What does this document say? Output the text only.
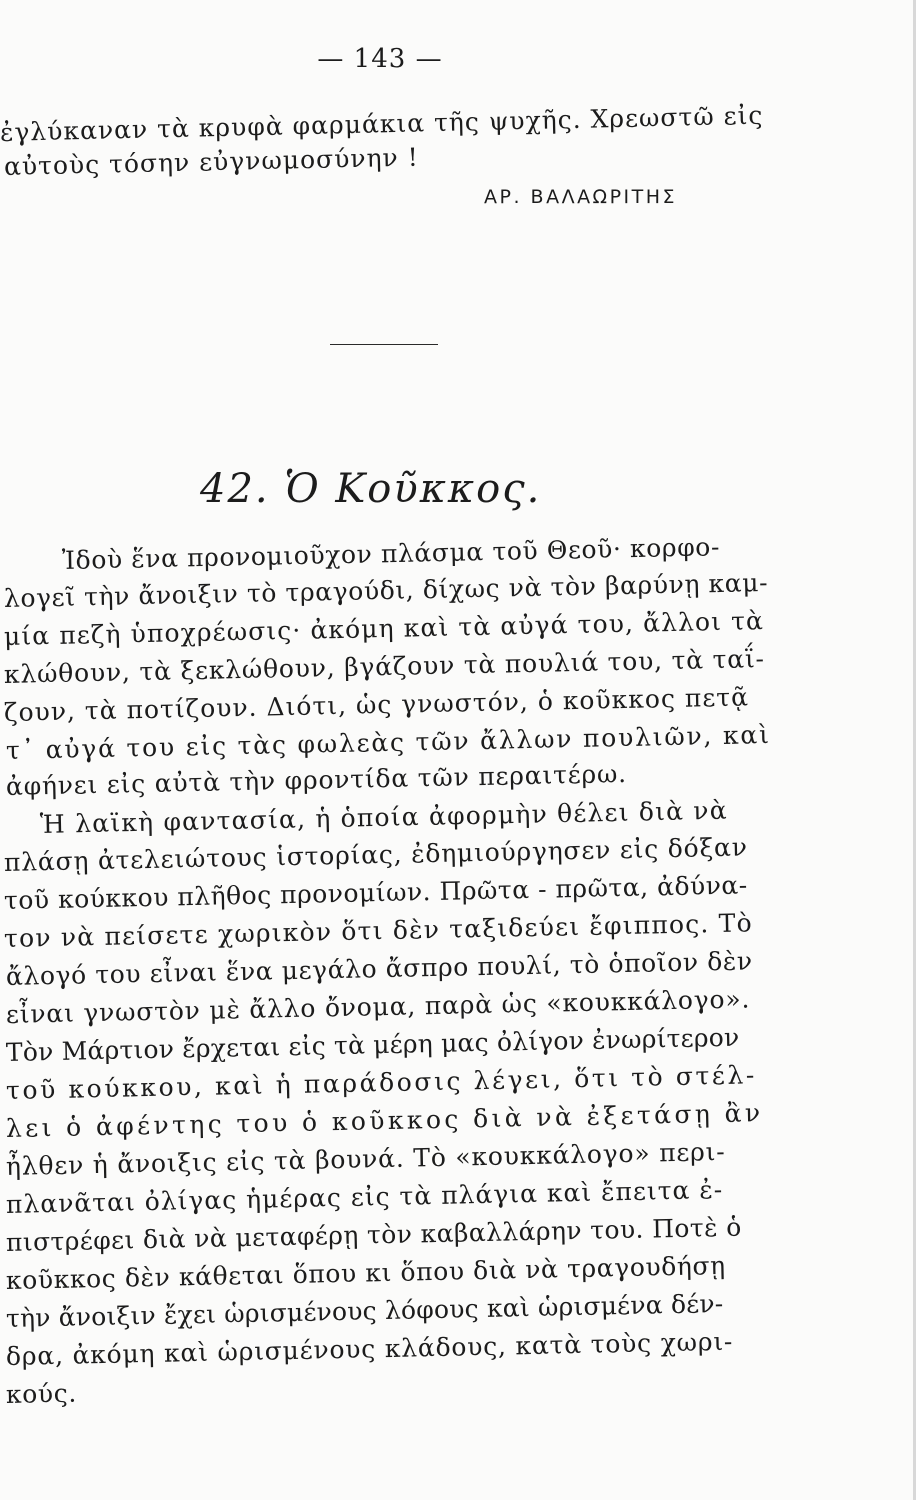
— 143 —
ἐγλύκαναν τὰ κρυφὰ φαρμάκια τῆς ψυχῆς. Χρεωστῶ εἰς
αὐτοὺς τόσην εὐγνωμοσύνην !
ΑΡ. ΒΑΛΑΩΡΙΤΗΣ
42. Ὁ Κοῦκκος.
Ἰδοὺ ἕνα προνομιοῦχον πλάσμα τοῦ Θεοῦ· κορφο-
λογεῖ τὴν ἄνοιξιν τὸ τραγούδι, δίχως νὰ τὸν βαρύνῃ καμ-
μία πεζὴ ὑποχρέωσις· ἀκόμη καὶ τὰ αὐγά του, ἄλλοι τὰ
κλώθουν, τὰ ξεκλώθουν, βγάζουν τὰ πουλιά του, τὰ ταΐ-
ζουν, τὰ ποτίζουν. Διότι, ὡς γνωστόν, ὁ κοῦκκος πετᾷ
τ᾽ αὐγά του εἰς τὰς φωλεὰς τῶν ἄλλων πουλιῶν, καὶ
ἀφήνει εἰς αὐτὰ τὴν φροντίδα τῶν περαιτέρω.
Ἡ λαϊκὴ φαντασία, ἡ ὁποία ἀφορμὴν θέλει διὰ νὰ
πλάσῃ ἀτελειώτους ἱστορίας, ἐδημιούργησεν εἰς δόξαν
τοῦ κούκκου πλῆθος προνομίων. Πρῶτα - πρῶτα, ἀδύνα-
τον νὰ πείσετε χωρικὸν ὅτι δὲν ταξιδεύει ἔφιππος. Τὸ
ἄλογό του εἶναι ἕνα μεγάλο ἄσπρο πουλί, τὸ ὁποῖον δὲν
εἶναι γνωστὸν μὲ ἄλλο ὄνομα, παρὰ ὡς «κουκκάλογο».
Τὸν Μάρτιον ἔρχεται εἰς τὰ μέρη μας ὀλίγον ἐνωρίτερον
τοῦ κούκκου, καὶ ἡ παράδοσις λέγει, ὅτι τὸ στέλ-
λει ὁ ἀφέντης του ὁ κοῦκκος διὰ νὰ ἐξετάσῃ ἂν
ἦλθεν ἡ ἄνοιξις εἰς τὰ βουνά. Τὸ «κουκκάλογο» περι-
πλανᾶται ὀλίγας ἡμέρας εἰς τὰ πλάγια καὶ ἔπειτα ἐ-
πιστρέφει διὰ νὰ μεταφέρῃ τὸν καβαλλάρην του. Ποτὲ ὁ
κοῦκκος δὲν κάθεται ὅπου κι ὅπου διὰ νὰ τραγουδήσῃ
τὴν ἄνοιξιν ἔχει ὡρισμένους λόφους καὶ ὡρισμένα δέν-
δρα, ἀκόμη καὶ ὡρισμένους κλάδους, κατὰ τοὺς χωρι-
κούς.
